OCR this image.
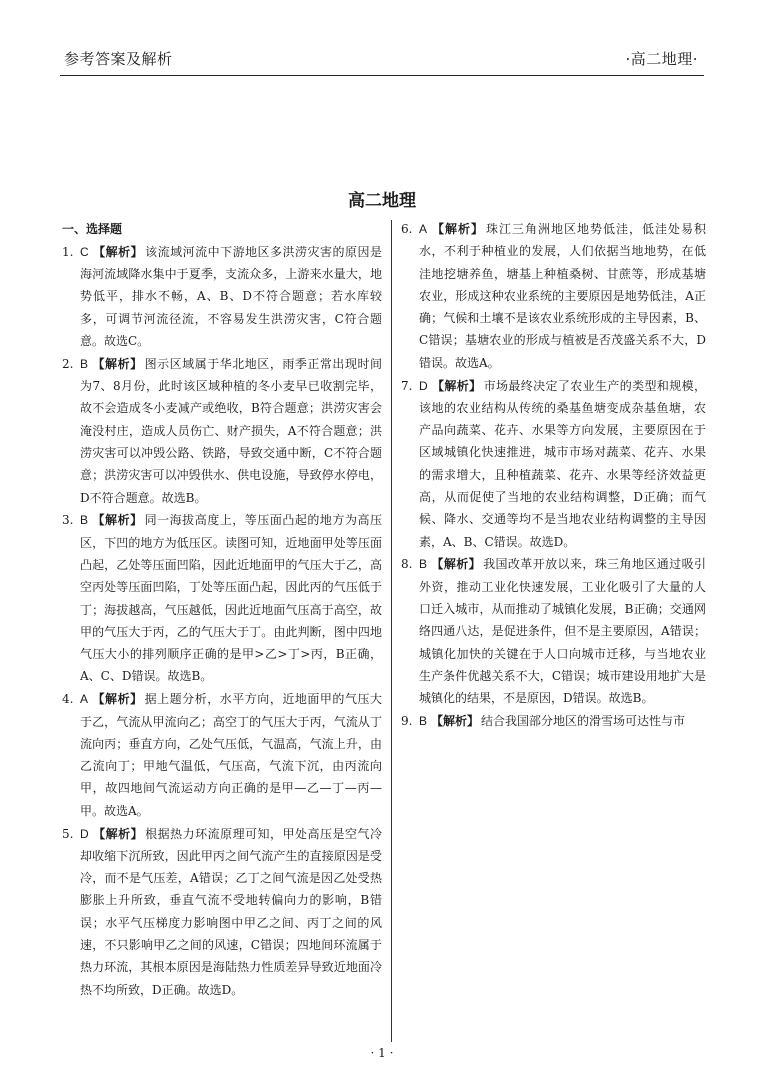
参考答案及解析	·高二地理·
高二地理
一、选择题
1. C 【解析】 该流域河流中下游地区多洪涝灾害的原因是海河流域降水集中于夏季，支流众多，上游来水量大，地势低平，排水不畅，A、B、D不符合题意；若水库较多，可调节河流径流，不容易发生洪涝灾害，C符合题意。故选C。
2. B 【解析】 图示区域属于华北地区，雨季正常出现时间为7、8月份，此时该区域种植的冬小麦早已收割完毕，故不会造成冬小麦减产或绝收，B符合题意；洪涝灾害会淹没村庄，造成人员伤亡、财产损失，A不符合题意；洪涝灾害可以冲毁公路、铁路，导致交通中断，C不符合题意；洪涝灾害可以冲毁供水、供电设施，导致停水停电，D不符合题意。故选B。
3. B 【解析】 同一海拔高度上，等压面凸起的地方为高压区，下凹的地方为低压区。读图可知，近地面甲处等压面凸起，乙处等压面凹陷，因此近地面甲的气压大于乙，高空丙处等压面凹陷，丁处等压面凸起，因此丙的气压低于丁；海拔越高，气压越低，因此近地面气压高于高空，故甲的气压大于丙，乙的气压大于丁。由此判断，图中四地气压大小的排列顺序正确的是甲>乙>丁>丙，B正确，A、C、D错误。故选B。
4. A 【解析】 据上题分析，水平方向，近地面甲的气压大于乙，气流从甲流向乙；高空丁的气压大于丙，气流从丁流向丙；垂直方向，乙处气压低，气温高，气流上升，由乙流向丁；甲地气温低，气压高，气流下沉，由丙流向甲，故四地间气流运动方向正确的是甲—乙—丁—丙—甲。故选A。
5. D 【解析】 根据热力环流原理可知，甲处高压是空气冷却收缩下沉所致，因此甲丙之间气流产生的直接原因是受冷，而不是气压差，A错误；乙丁之间气流是因乙处受热膨胀上升所致，垂直气流不受地转偏向力的影响，B错误；水平气压梯度力影响图中甲乙之间、丙丁之间的风速，不只影响甲乙之间的风速，C错误；四地间环流属于热力环流，其根本原因是海陆热力性质差异导致近地面冷热不均所致，D正确。故选D。
6. A 【解析】 珠江三角洲地区地势低洼，低洼处易积水，不利于种植业的发展，人们依据当地地势，在低洼地挖塘养鱼，塘基上种植桑树、甘蔗等，形成基塘农业，形成这种农业系统的主要原因是地势低洼，A正确；气候和土壤不是该农业系统形成的主导因素，B、C错误；基塘农业的形成与植被是否茂盛关系不大，D错误。故选A。
7. D 【解析】 市场最终决定了农业生产的类型和规模，该地的农业结构从传统的桑基鱼塘变成杂基鱼塘，农产品向蔬菜、花卉、水果等方向发展，主要原因在于区域城镇化快速推进，城市市场对蔬菜、花卉、水果的需求增大，且种植蔬菜、花卉、水果等经济效益更高，从而促使了当地的农业结构调整，D正确；而气候、降水、交通等均不是当地农业结构调整的主导因素，A、B、C错误。故选D。
8. B 【解析】 我国改革开放以来，珠三角地区通过吸引外资，推动工业化快速发展，工业化吸引了大量的人口迁入城市，从而推动了城镇化发展，B正确；交通网络四通八达，是促进条件，但不是主要原因，A错误；城镇化加快的关键在于人口向城市迁移，与当地农业生产条件优越关系不大，C错误；城市建设用地扩大是城镇化的结果，不是原因，D错误。故选B。
9. B 【解析】 结合我国部分地区的滑雪场可达性与市
· 1 ·
